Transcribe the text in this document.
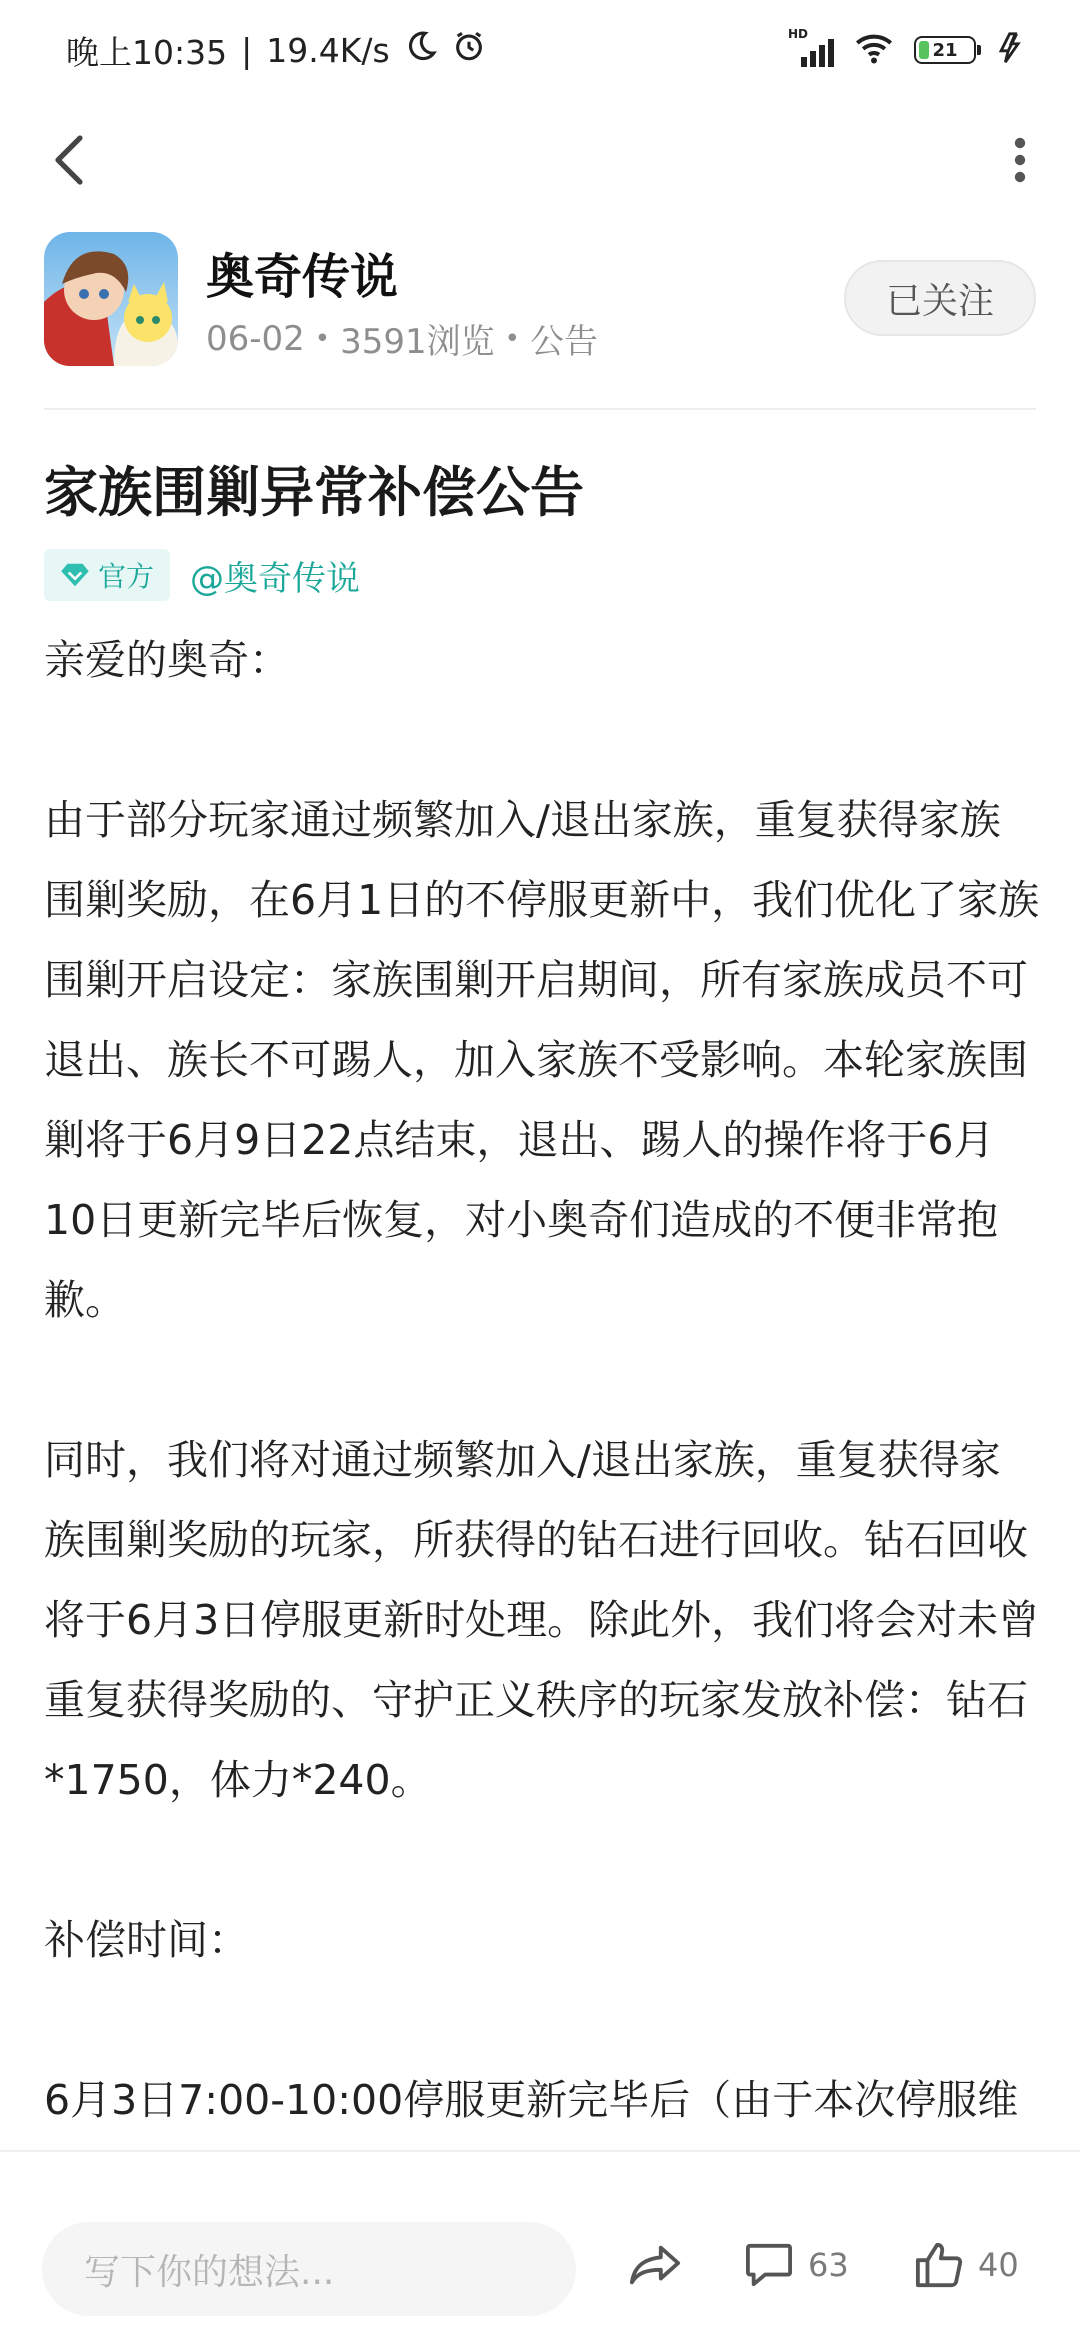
晚上10:35 | 19.4K/s	HD
21
奥奇传说
06-02 • 3591浏览 • 公告
已关注
家族围剿异常补偿公告
官方 @奥奇传说

亲爱的奥奇：

由于部分玩家通过频繁加入/退出家族，重复获得家族围剿奖励，在6月1日的不停服更新中，我们优化了家族围剿开启设定：家族围剿开启期间，所有家族成员不可退出、族长不可踢人，加入家族不受影响。本轮家族围剿将于6月9日22点结束，退出、踢人的操作将于6月10日更新完毕后恢复，对小奥奇们造成的不便非常抱歉。

同时，我们将对通过频繁加入/退出家族，重复获得家族围剿奖励的玩家，所获得的钻石进行回收。钻石回收将于6月3日停服更新时处理。除此外，我们将会对未曾重复获得奖励的、守护正义秩序的玩家发放补偿：钻石*1750，体力*240。

补偿时间：

6月3日7:00-10:00停服更新完毕后（由于本次停服维

写下你的想法...	63	40
